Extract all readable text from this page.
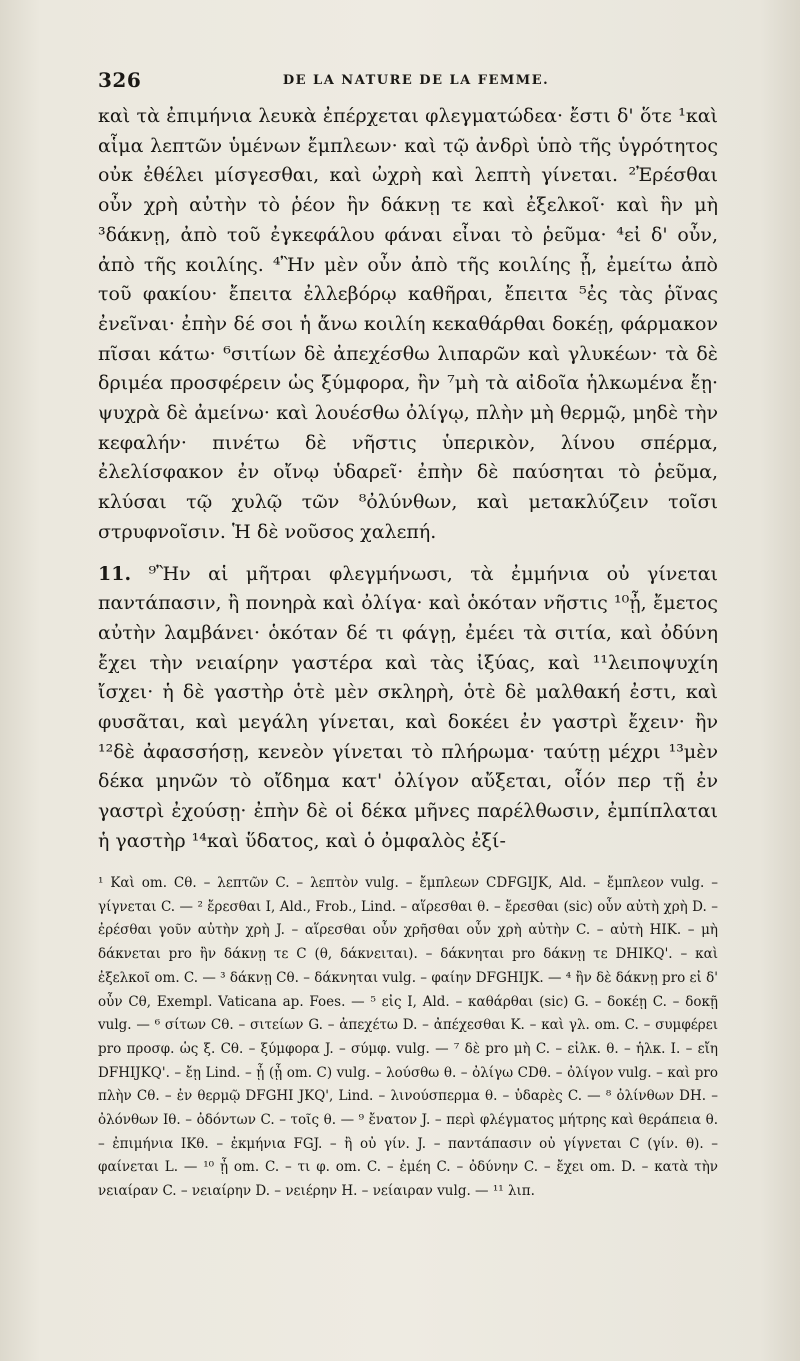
326	DE LA NATURE DE LA FEMME.

καὶ τὰ ἐπιμήνια λευκὰ ἐπέρχεται φλεγματώδεα· ἔστι δ' ὅτε ¹καὶ αἷμα λεπτῶν ὑμένων ἔμπλεων· καὶ τῷ ἀνδρὶ ὑπὸ τῆς ὑγρότητος οὐκ ἐθέλει μίσγεσθαι, καὶ ὠχρὴ καὶ λεπτὴ γίνεται. ²Ἐρέσθαι οὖν χρὴ αὐτὴν τὸ ῥέον ἣν δάκνῃ τε καὶ ἐξελκοῖ· καὶ ἣν μὴ ³δάκνῃ, ἀπὸ τοῦ ἐγκεφάλου φάναι εἶναι τὸ ῥεῦμα· ⁴εἰ δ' οὖν, ἀπὸ τῆς κοιλίης. ⁴Ἢν μὲν οὖν ἀπὸ τῆς κοιλίης ᾖ, ἐμείτω ἀπὸ τοῦ φακίου· ἔπειτα ἐλλεβόρῳ καθῆραι, ἔπειτα ⁵ἐς τὰς ῥῖνας ἐνεῖναι· ἐπὴν δέ σοι ἡ ἄνω κοιλίη κεκαθάρθαι δοκέῃ, φάρμακον πῖσαι κάτω· ⁶σιτίων δὲ ἀπεχέσθω λιπαρῶν καὶ γλυκέων· τὰ δὲ δριμέα προσφέρειν ὡς ξύμφορα, ἢν ⁷μὴ τὰ αἰδοῖα ἡλκωμένα ἔῃ· ψυχρὰ δὲ ἀμείνω· καὶ λουέσθω ὀλίγῳ, πλὴν μὴ θερμῷ, μηδὲ τὴν κεφαλήν· πινέτω δὲ νῆστις ὑπερικὸν, λίνου σπέρμα, ἐλελίσφακον ἐν οἴνῳ ὑδαρεῖ· ἐπὴν δὲ παύσηται τὸ ῥεῦμα, κλύσαι τῷ χυλῷ τῶν ⁸ὀλύνθων, καὶ μετακλύζειν τοῖσι στρυφνοῖσιν. Ἡ δὲ νοῦσος χαλεπή.

11. ⁹Ἢν αἱ μῆτραι φλεγμήνωσι, τὰ ἐμμήνια οὐ γίνεται παντάπασιν, ἢ πονηρὰ καὶ ὀλίγα· καὶ ὁκόταν νῆστις ¹⁰ᾖ, ἔμετος αὐτὴν λαμβάνει· ὁκόταν δέ τι φάγῃ, ἐμέει τὰ σιτία, καὶ ὀδύνη ἔχει τὴν νειαίρην γαστέρα καὶ τὰς ἰξύας, καὶ ¹¹λειποψυχίη ἴσχει· ἡ δὲ γαστὴρ ὁτὲ μὲν σκληρὴ, ὁτὲ δὲ μαλθακή ἐστι, καὶ φυσᾶται, καὶ μεγάλη γίνεται, καὶ δοκέει ἐν γαστρὶ ἔχειν· ἢν ¹²δὲ ἀφασσήσῃ, κενεὸν γίνεται τὸ πλήρωμα· ταύτῃ μέχρι ¹³μὲν δέκα μηνῶν τὸ οἴδημα κατ' ὀλίγον αὔξεται, οἷόν περ τῇ ἐν γαστρὶ ἐχούσῃ· ἐπὴν δὲ οἱ δέκα μῆνες παρέλθωσιν, ἐμπίπλαται ἡ γαστὴρ ¹⁴καὶ ὕδατος, καὶ ὁ ὀμφαλὸς ἐξί-

¹ Καὶ om. Cθ. – λεπτῶν C. – λεπτὸν vulg. – ἔμπλεων CDFGIJK, Ald. – ἔμπλεον vulg. – γίγνεται C. — ² ἔρεσθαι I, Ald., Frob., Lind. – αἵρεσθαι θ. – ἔρεσθαι (sic) οὖν αὐτὴ χρὴ D. – ἐρέσθαι γοῦν αὐτὴν χρὴ J. – αἵρεσθαι οὖν χρῆσθαι οὖν χρὴ αὐτὴν C. – αὐτὴ HIK. – μὴ δάκνεται pro ἢν δάκνῃ τε C (θ, δάκνειται). – δάκνηται pro δάκνῃ τε DHIKQ'. – καὶ ἐξελκοῖ om. C. — ³ δάκνῃ Cθ. – δάκνηται vulg. – φαίην DFGHIJK. — ⁴ ἢν δὲ δάκνῃ pro εἰ δ' οὖν Cθ, Exempl. Vaticana ap. Foes. — ⁵ εἰς I, Ald. – καθάρθαι (sic) G. – δοκέῃ C. – δοκῇ vulg. — ⁶ σίτων Cθ. – σιτείων G. – ἀπεχέτω D. – ἀπέχεσθαι K. – καὶ γλ. om. C. – συμφέρει pro προσφ. ὡς ξ. Cθ. – ξύμφορα J. – σύμφ. vulg. — ⁷ δὲ pro μὴ C. – εἰλκ. θ. – ἡλκ. I. – εἴη DFHIJKQ'. – ἔῃ Lind. – ᾖ (ᾖ om. C) vulg. – λούσθω θ. – ὀλίγω CDθ. – ὀλίγον vulg. – καὶ pro πλὴν Cθ. – ἐν θερμῷ DFGHI JKQ', Lind. – λινούσπερμα θ. – ὑδαρὲς C. — ⁸ ὀλίνθων DH. – ὀλόνθων Iθ. – ὀδόντων C. – τοῖς θ. — ⁹ ἔνατον J. – περὶ φλέγματος μήτρης καὶ θεράπεια θ. – ἐπιμήνια IKθ. – ἐκμήνια FGJ. – ἢ οὐ γίν. J. – παντάπασιν οὐ γίγνεται C (γίν. θ). – φαίνεται L. — ¹⁰ ᾖ om. C. – τι φ. om. C. – ἐμέη C. – ὀδύνην C. – ἔχει om. D. – κατὰ τὴν νειαίραν C. – νειαίρην D. – νειέρην H. – νείαιραν vulg. — ¹¹ λιπ.
